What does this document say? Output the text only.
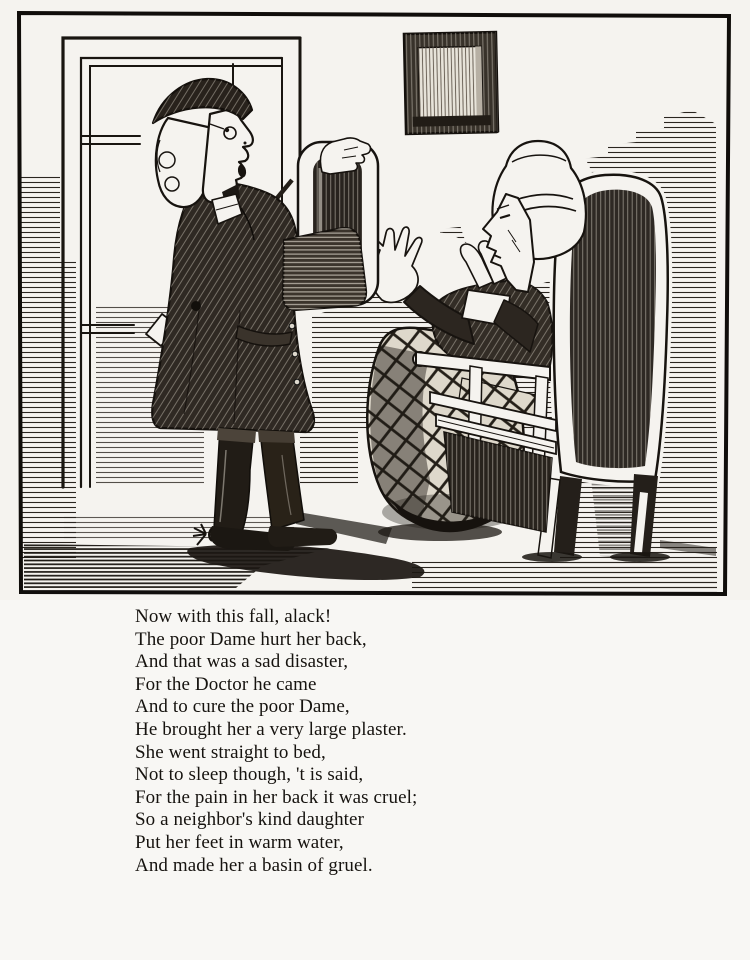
Now with this fall, alack!

The poor Dame hurt her back,

And that was a sad disaster,

For the Doctor he came

And to cure the poor Dame,

He brought her a very large plaster.

She went straight to bed,

Not to sleep though, 't is said,

For the pain in her back it was cruel;

So a neighbor's kind daughter

Put her feet in warm water,

And made her a basin of gruel.
